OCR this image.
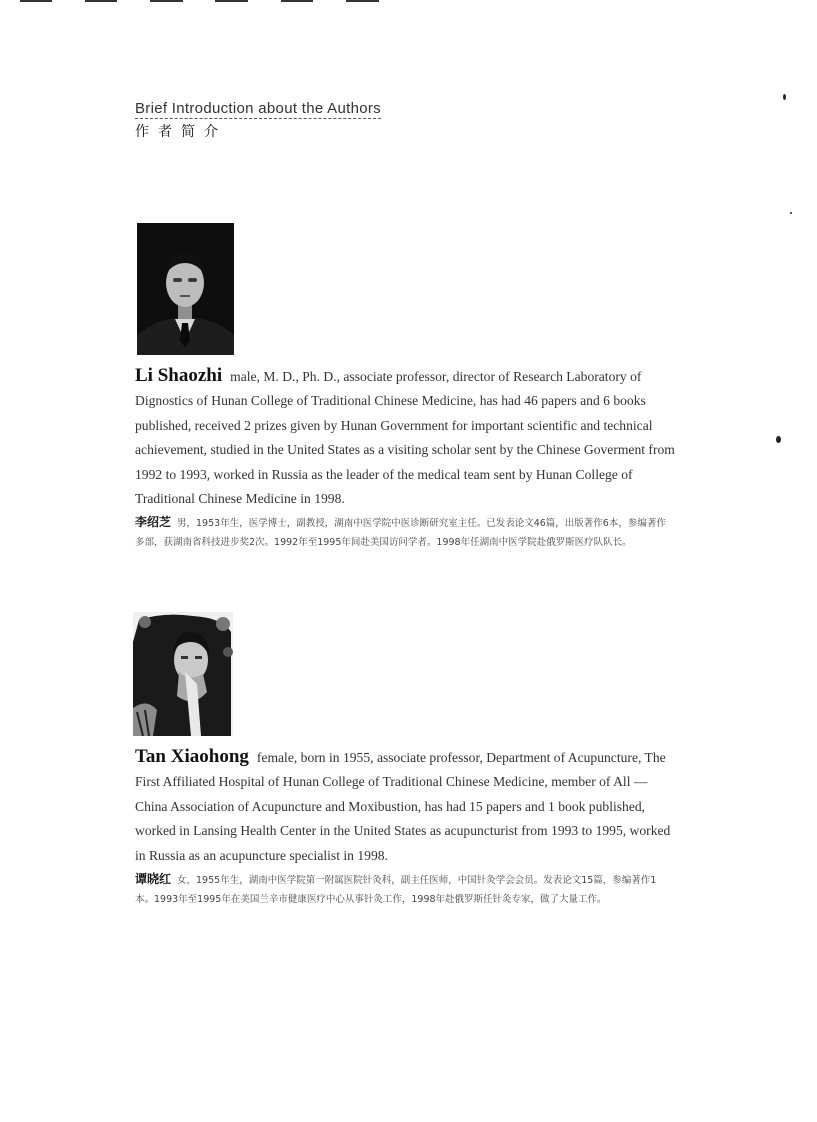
Brief Introduction about the Authors
作者简介

Li Shaozhi male, M. D., Ph. D., associate professor, director of Research Laboratory of Dignostics of Hunan College of Traditional Chinese Medicine, has had 46 papers and 6 books published, received 2 prizes given by Hunan Government for important scientific and technical achievement, studied in the United States as a visiting scholar sent by the Chinese Goverment from 1992 to 1993, worked in Russia as the leader of the medical team sent by Hunan College of Traditional Chinese Medicine in 1998.

李绍芝 男，1953年生，医学博士，副教授，湖南中医学院中医诊断研究室主任。已发表论文46篇，出版著作6本，参编著作多部，获湖南省科技进步奖2次。1992年至1995年间赴美国访问学者。1998年任湖南中医学院赴俄罗斯医疗队队长。

Tan Xiaohong female, born in 1955, associate professor, Department of Acupuncture, The First Affiliated Hospital of Hunan College of Traditional Chinese Medicine, member of All — China Association of Acupuncture and Moxibustion, has had 15 papers and 1 book published, worked in Lansing Health Center in the United States as acupuncturist from 1993 to 1995, worked in Russia as an acupuncture specialist in 1998.

谭晓红 女，1955年生，湖南中医学院第一附属医院针灸科，副主任医师，中国针灸学会会员。发表论文15篇，参编著作1本。1993年至1995年在美国兰辛市健康医疗中心从事针灸工作，1998年赴俄罗斯任针灸专家，做了大量工作。
